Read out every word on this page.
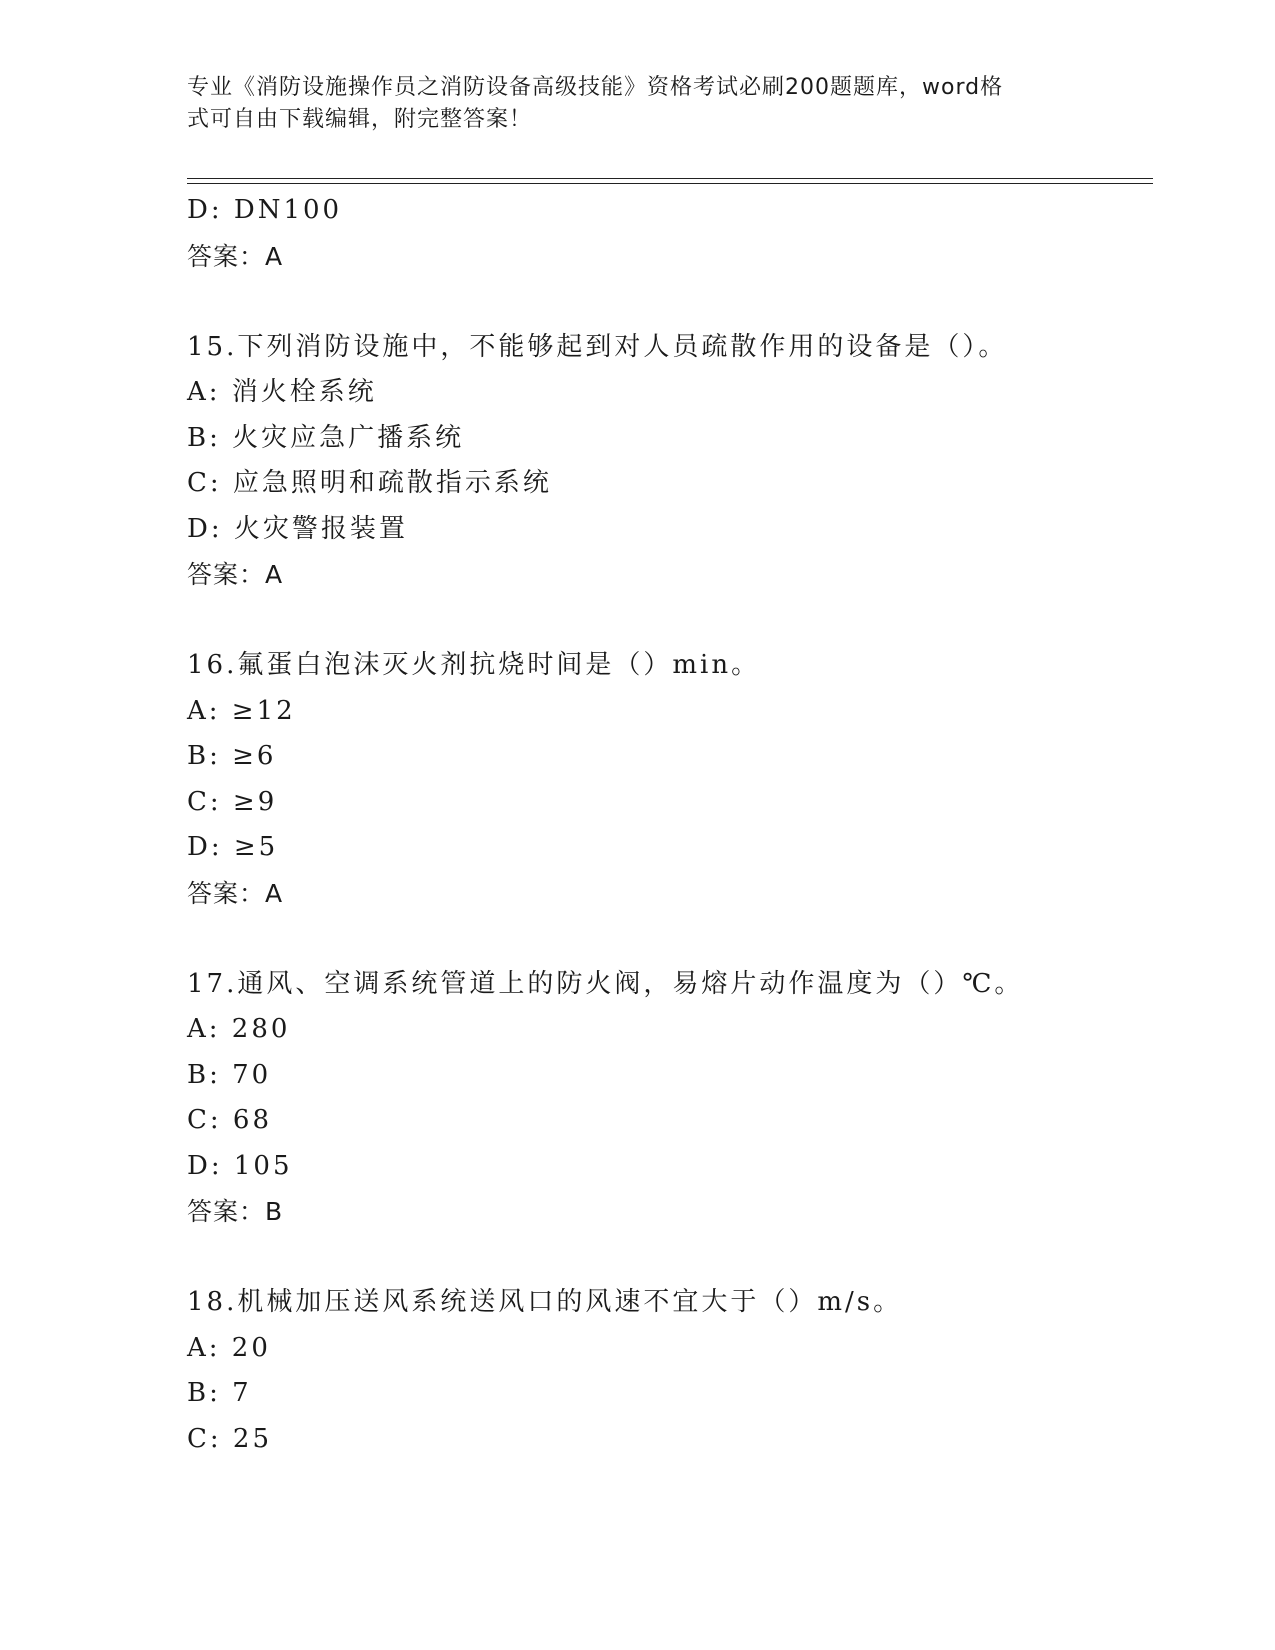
专业《消防设施操作员之消防设备高级技能》资格考试必刷200题题库，word格
式可自由下载编辑，附完整答案！
D: DN100
答案：A
15.下列消防设施中，不能够起到对人员疏散作用的设备是（）。
A: 消火栓系统
B: 火灾应急广播系统
C: 应急照明和疏散指示系统
D: 火灾警报装置
答案：A
16.氟蛋白泡沫灭火剂抗烧时间是（）min。
A: ≥12
B: ≥6
C: ≥9
D: ≥5
答案：A
17.通风、空调系统管道上的防火阀，易熔片动作温度为（）℃。
A: 280
B: 70
C: 68
D: 105
答案：B
18.机械加压送风系统送风口的风速不宜大于（）m/s。
A: 20
B: 7
C: 25
